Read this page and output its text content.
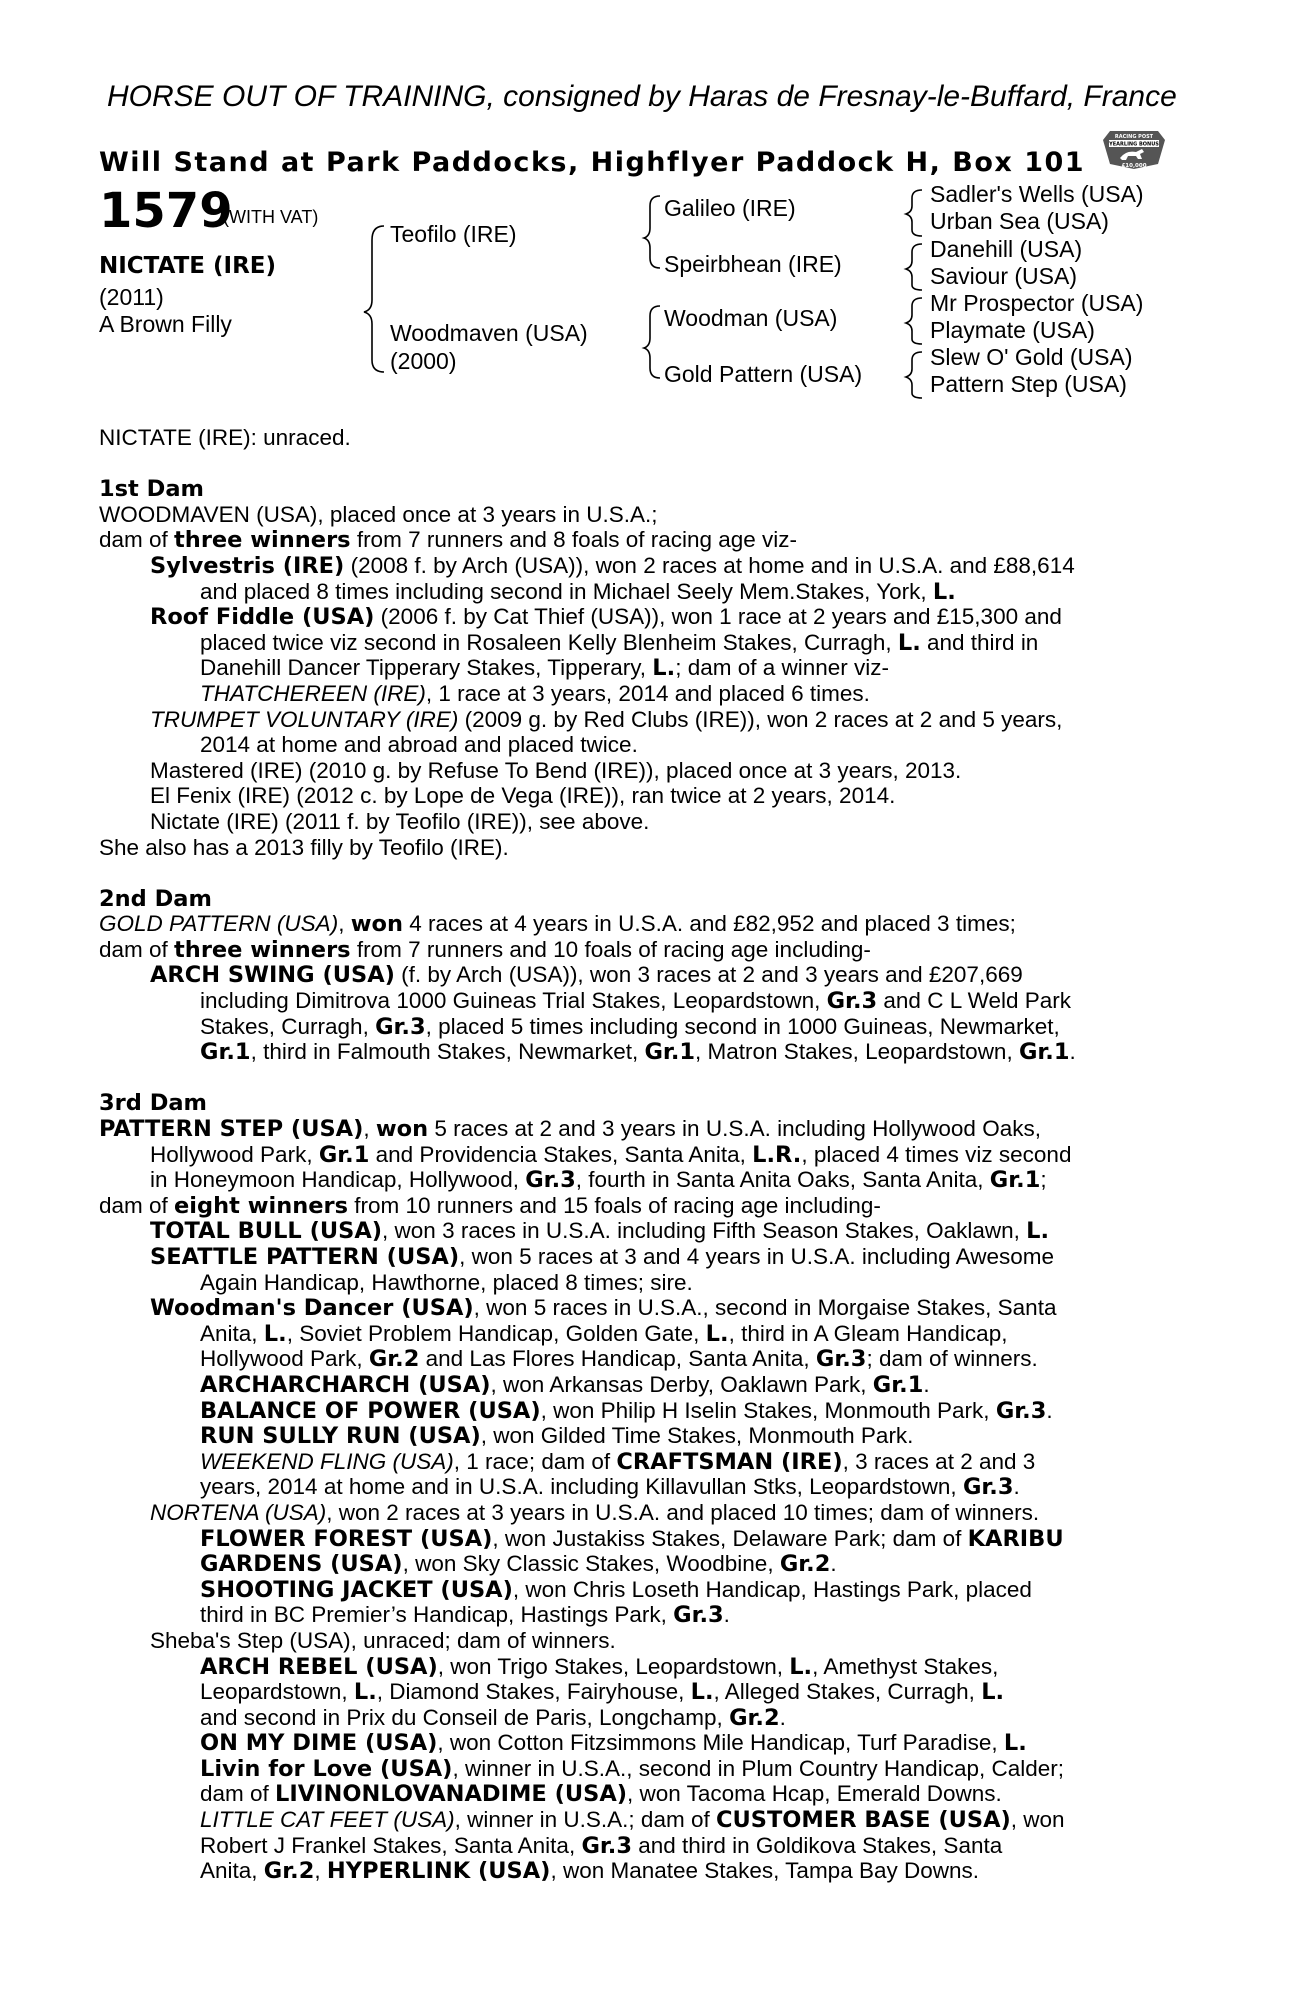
HORSE OUT OF TRAINING, consigned by Haras de Fresnay-le-Buffard, France
Will Stand at Park Paddocks, Highflyer Paddock H, Box 101
RACING POST
YEARLING BONUS
£10,000
1579
(WITH VAT)
NICTATE (IRE)
(2011)
A Brown Filly
Teofilo (IRE)
Woodmaven (USA)
(2000)
Galileo (IRE)
Speirbhean (IRE)
Woodman (USA)
Gold Pattern (USA)
Sadler's Wells (USA)
Urban Sea (USA)
Danehill (USA)
Saviour (USA)
Mr Prospector (USA)
Playmate (USA)
Slew O' Gold (USA)
Pattern Step (USA)
NICTATE (IRE): unraced.
1st Dam
WOODMAVEN (USA), placed once at 3 years in U.S.A.;
dam of three winners from 7 runners and 8 foals of racing age viz-
Sylvestris (IRE) (2008 f. by Arch (USA)), won 2 races at home and in U.S.A. and £88,614
and placed 8 times including second in Michael Seely Mem.Stakes, York, L.
Roof Fiddle (USA) (2006 f. by Cat Thief (USA)), won 1 race at 2 years and £15,300 and
placed twice viz second in Rosaleen Kelly Blenheim Stakes, Curragh, L. and third in
Danehill Dancer Tipperary Stakes, Tipperary, L.; dam of a winner viz-
THATCHEREEN (IRE), 1 race at 3 years, 2014 and placed 6 times.
TRUMPET VOLUNTARY (IRE) (2009 g. by Red Clubs (IRE)), won 2 races at 2 and 5 years,
2014 at home and abroad and placed twice.
Mastered (IRE) (2010 g. by Refuse To Bend (IRE)), placed once at 3 years, 2013.
El Fenix (IRE) (2012 c. by Lope de Vega (IRE)), ran twice at 2 years, 2014.
Nictate (IRE) (2011 f. by Teofilo (IRE)), see above.
She also has a 2013 filly by Teofilo (IRE).
2nd Dam
GOLD PATTERN (USA), won 4 races at 4 years in U.S.A. and £82,952 and placed 3 times;
dam of three winners from 7 runners and 10 foals of racing age including-
ARCH SWING (USA) (f. by Arch (USA)), won 3 races at 2 and 3 years and £207,669
including Dimitrova 1000 Guineas Trial Stakes, Leopardstown, Gr.3 and C L Weld Park
Stakes, Curragh, Gr.3, placed 5 times including second in 1000 Guineas, Newmarket,
Gr.1, third in Falmouth Stakes, Newmarket, Gr.1, Matron Stakes, Leopardstown, Gr.1.
3rd Dam
PATTERN STEP (USA), won 5 races at 2 and 3 years in U.S.A. including Hollywood Oaks,
Hollywood Park, Gr.1 and Providencia Stakes, Santa Anita, L.R., placed 4 times viz second
in Honeymoon Handicap, Hollywood, Gr.3, fourth in Santa Anita Oaks, Santa Anita, Gr.1;
dam of eight winners from 10 runners and 15 foals of racing age including-
TOTAL BULL (USA), won 3 races in U.S.A. including Fifth Season Stakes, Oaklawn, L.
SEATTLE PATTERN (USA), won 5 races at 3 and 4 years in U.S.A. including Awesome
Again Handicap, Hawthorne, placed 8 times; sire.
Woodman's Dancer (USA), won 5 races in U.S.A., second in Morgaise Stakes, Santa
Anita, L., Soviet Problem Handicap, Golden Gate, L., third in A Gleam Handicap,
Hollywood Park, Gr.2 and Las Flores Handicap, Santa Anita, Gr.3; dam of winners.
ARCHARCHARCH (USA), won Arkansas Derby, Oaklawn Park, Gr.1.
BALANCE OF POWER (USA), won Philip H Iselin Stakes, Monmouth Park, Gr.3.
RUN SULLY RUN (USA), won Gilded Time Stakes, Monmouth Park.
WEEKEND FLING (USA), 1 race; dam of CRAFTSMAN (IRE), 3 races at 2 and 3
years, 2014 at home and in U.S.A. including Killavullan Stks, Leopardstown, Gr.3.
NORTENA (USA), won 2 races at 3 years in U.S.A. and placed 10 times; dam of winners.
FLOWER FOREST (USA), won Justakiss Stakes, Delaware Park; dam of KARIBU
GARDENS (USA), won Sky Classic Stakes, Woodbine, Gr.2.
SHOOTING JACKET (USA), won Chris Loseth Handicap, Hastings Park, placed
third in BC Premier’s Handicap, Hastings Park, Gr.3.
Sheba's Step (USA), unraced; dam of winners.
ARCH REBEL (USA), won Trigo Stakes, Leopardstown, L., Amethyst Stakes,
Leopardstown, L., Diamond Stakes, Fairyhouse, L., Alleged Stakes, Curragh, L.
and second in Prix du Conseil de Paris, Longchamp, Gr.2.
ON MY DIME (USA), won Cotton Fitzsimmons Mile Handicap, Turf Paradise, L.
Livin for Love (USA), winner in U.S.A., second in Plum Country Handicap, Calder;
dam of LIVINONLOVANADIME (USA), won Tacoma Hcap, Emerald Downs.
LITTLE CAT FEET (USA), winner in U.S.A.; dam of CUSTOMER BASE (USA), won
Robert J Frankel Stakes, Santa Anita, Gr.3 and third in Goldikova Stakes, Santa
Anita, Gr.2, HYPERLINK (USA), won Manatee Stakes, Tampa Bay Downs.
